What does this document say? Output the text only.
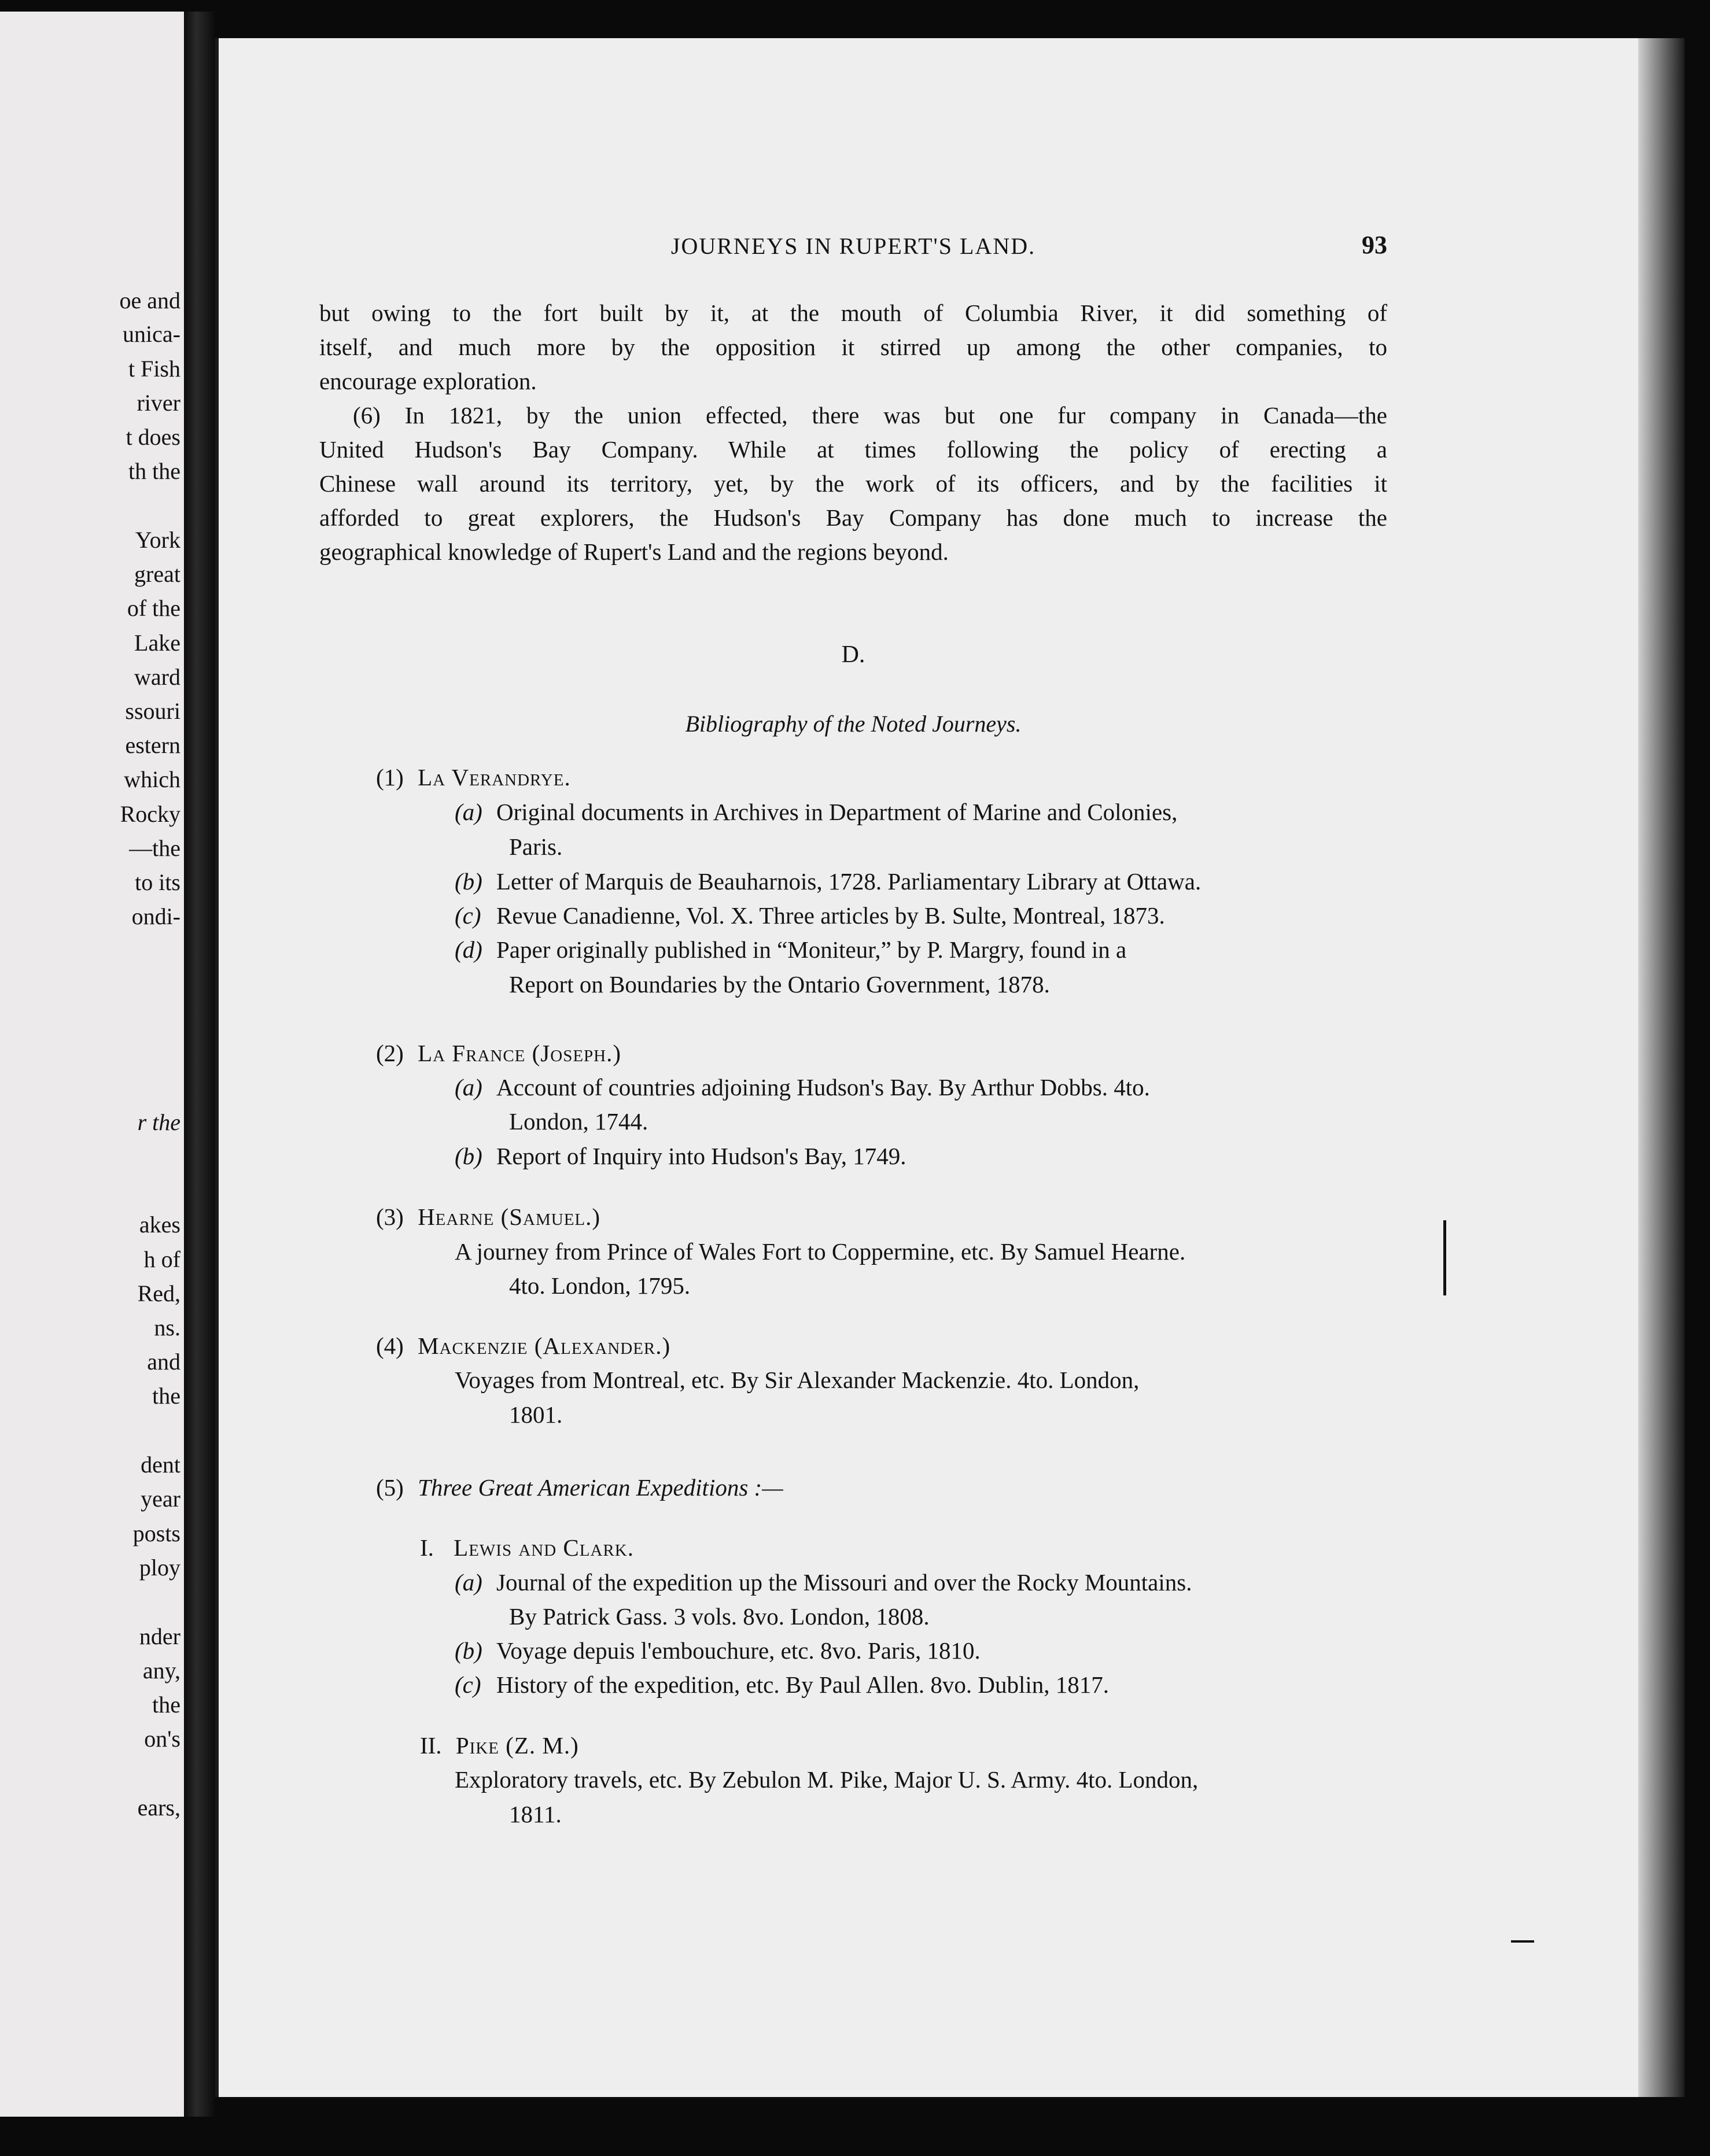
oe and
unica-
t Fish
river
t does
th the
York
great
of the
Lake
ward
ssouri
estern
which
Rocky
—the
to its
ondi-
r the
akes
h of
Red,
ns.
and
the
dent
year
posts
ploy
nder
any,
the
on's
ears,
JOURNEYS IN RUPERT'S LAND.	93
but owing to the fort built by it, at the mouth of Columbia River, it did something of
itself, and much more by the opposition it stirred up among the other companies, to
encourage exploration.
(6) In 1821, by the union effected, there was but one fur company in Canada—the
United Hudson's Bay Company. While at times following the policy of erecting a
Chinese wall around its territory, yet, by the work of its officers, and by the facilities it
afforded to great explorers, the Hudson's Bay Company has done much to increase the
geographical knowledge of Rupert's Land and the regions beyond.
D.
Bibliography of the Noted Journeys.
(1) La Verandrye.
(a) Original documents in Archives in Department of Marine and Colonies,
Paris.
(b) Letter of Marquis de Beauharnois, 1728. Parliamentary Library at Ottawa.
(c) Revue Canadienne, Vol. X. Three articles by B. Sulte, Montreal, 1873.
(d) Paper originally published in “Moniteur,” by P. Margry, found in a
Report on Boundaries by the Ontario Government, 1878.
(2) La France (Joseph.)
(a) Account of countries adjoining Hudson's Bay. By Arthur Dobbs. 4to.
London, 1744.
(b) Report of Inquiry into Hudson's Bay, 1749.
(3) Hearne (Samuel.)
A journey from Prince of Wales Fort to Coppermine, etc. By Samuel Hearne.
4to. London, 1795.
(4) Mackenzie (Alexander.)
Voyages from Montreal, etc. By Sir Alexander Mackenzie. 4to. London,
1801.
(5) Three Great American Expeditions :—
I. Lewis and Clark.
(a) Journal of the expedition up the Missouri and over the Rocky Mountains.
By Patrick Gass. 3 vols. 8vo. London, 1808.
(b) Voyage depuis l'embouchure, etc. 8vo. Paris, 1810.
(c) History of the expedition, etc. By Paul Allen. 8vo. Dublin, 1817.
II. Pike (Z. M.)
Exploratory travels, etc. By Zebulon M. Pike, Major U. S. Army. 4to. London,
1811.
